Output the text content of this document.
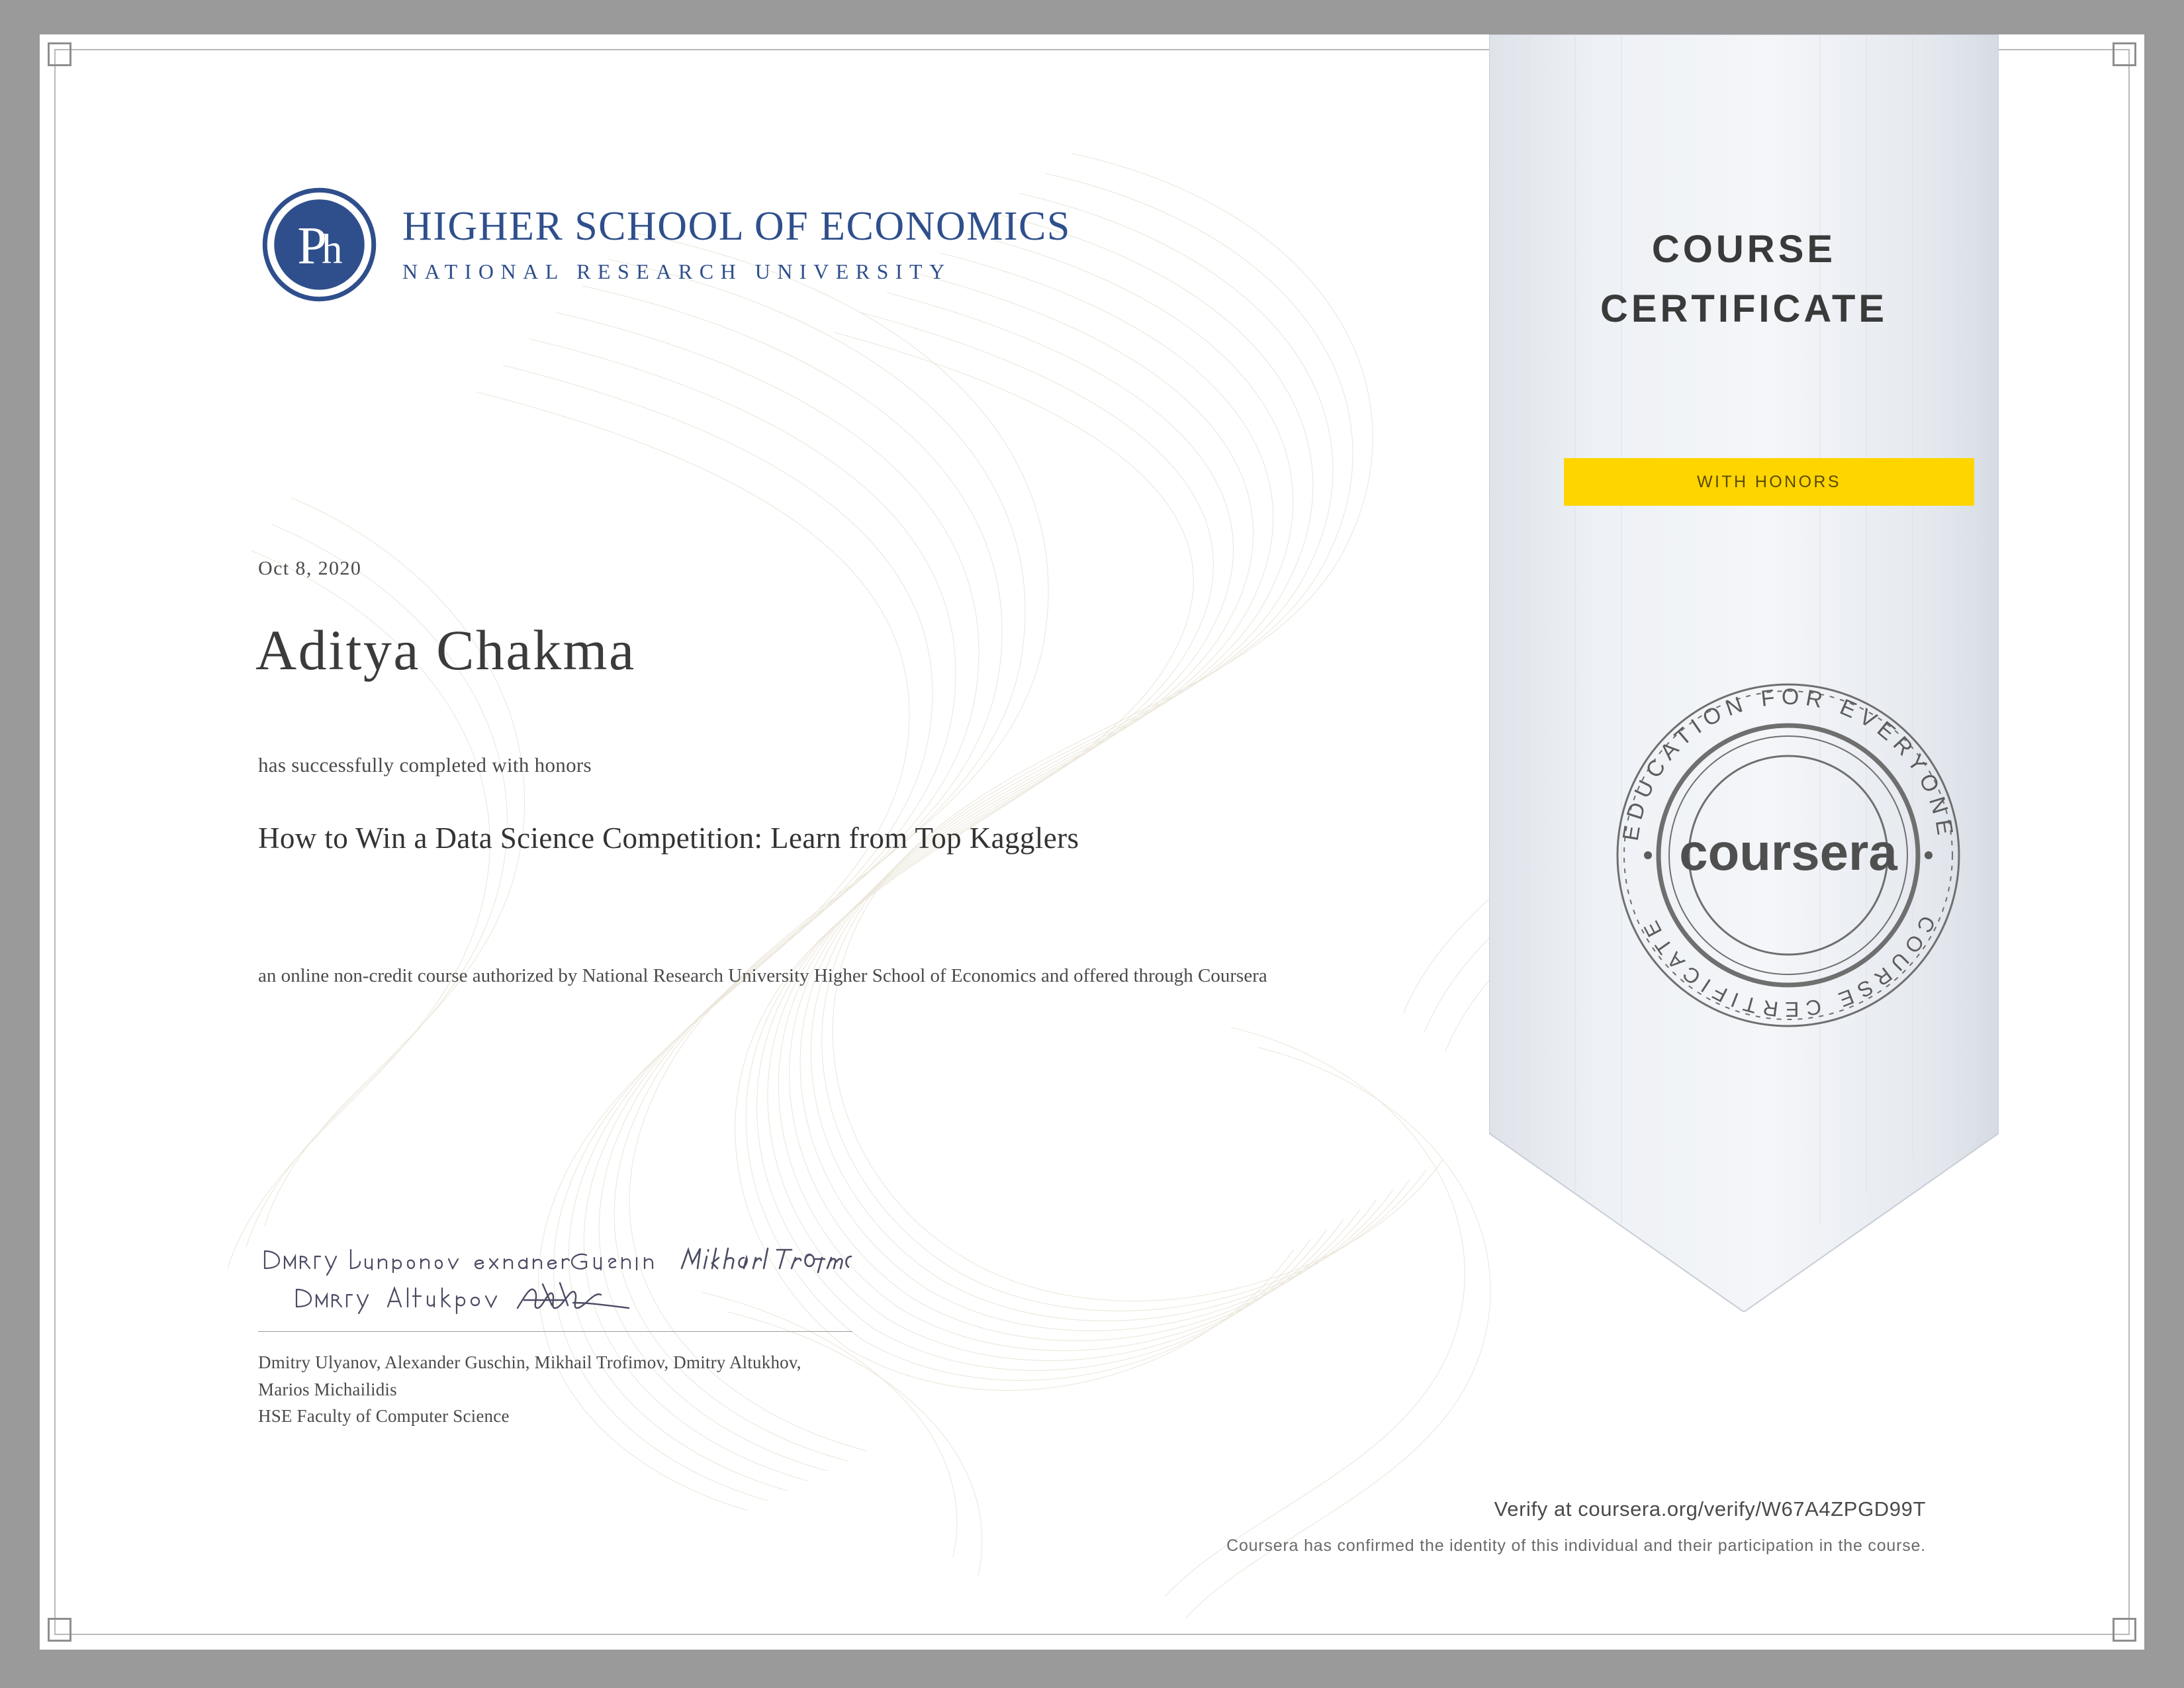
P
h HIGHER SCHOOL OF ECONOMICS
NATIONAL RESEARCH UNIVERSITY
Oct 8, 2020
Aditya Chakma
has successfully completed with honors
How to Win a Data Science Competition: Learn from Top Kagglers
an online non-credit course authorized by National Research University Higher School of Economics and offered through Coursera
Dmitry Ulyanov, Alexander Guschin, Mikhail Trofimov, Dmitry Altukhov, Marios Michailidis
HSE Faculty of Computer Science
COURSE
CERTIFICATE
WITH HONORS
EDUCATION FOR EVERYONE
COURSE CERTIFICATE
coursera
Verify at coursera.org/verify/W67A4ZPGD99T
Coursera has confirmed the identity of this individual and their participation in the course.
